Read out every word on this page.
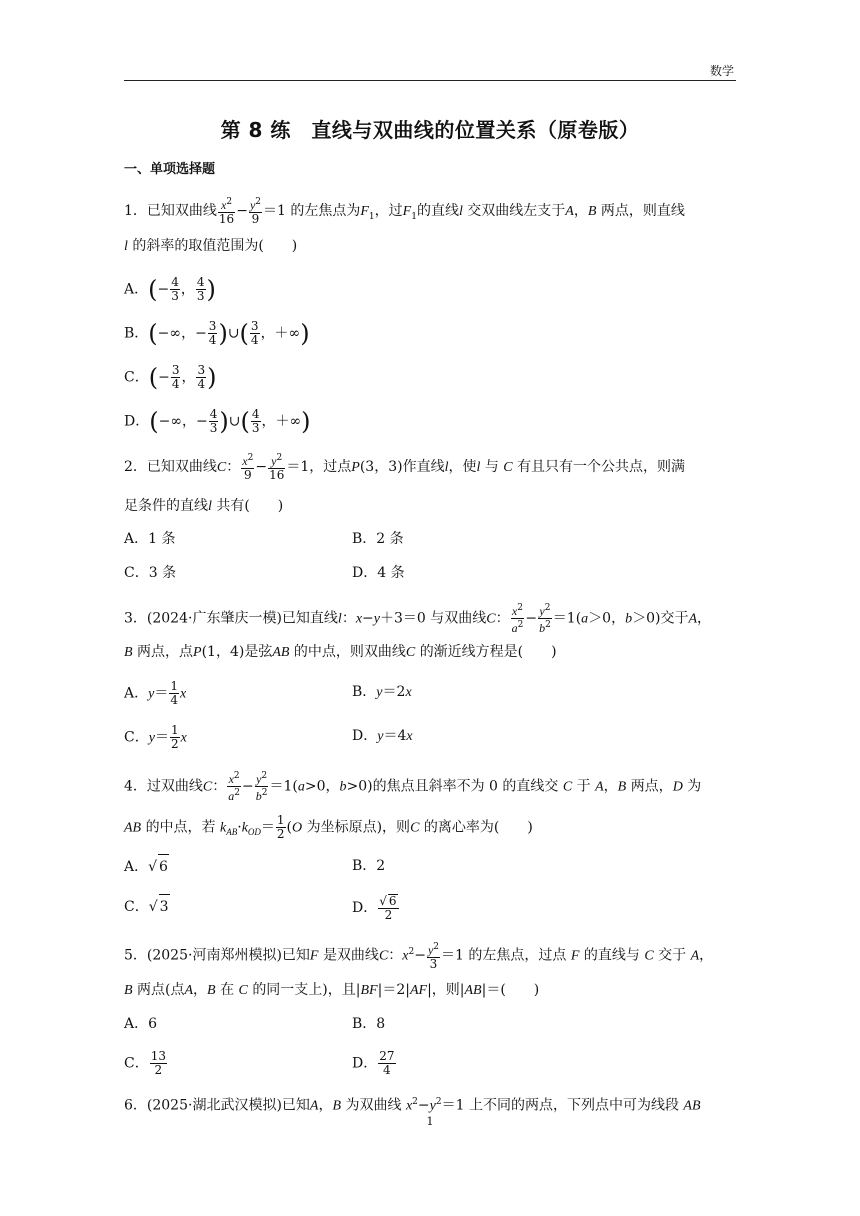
数学
第 8 练　直线与双曲线的位置关系（原卷版）
一、单项选择题
1．已知双曲线 $\frac{x^2}{16} - \frac{y^2}{9} =1$ 的左焦点为$F_1$，过$F_1$的直线l 交双曲线左支于A，B 两点，则直线
l 的斜率的取值范围为(　　)
A．(− $\frac{4}{3}$ ， $\frac{4}{3}$ )
B．(−∞，− $\frac{3}{4}$ )∪( $\frac{3}{4}$ ，＋∞)
C．(− $\frac{3}{4}$ ， $\frac{3}{4}$ )
D．(−∞，− $\frac{4}{3}$ )∪( $\frac{4}{3}$ ，＋∞)
2．已知双曲线C： $\frac{x^2}{9} - \frac{y^2}{16} =1$，过点P(3，3)作直线l，使l 与 C 有且只有一个公共点，则满
足条件的直线l 共有(　　)
A．1 条	B．2 条
C．3 条	D．4 条
3．(2024·广东肇庆一模)已知直线l：x−y＋3＝0 与双曲线C： $\frac{x^2}{a^2} - \frac{y^2}{b^2} =1(a>0$，b＞0)交于A，
B 两点，点P(1，4)是弦AB 的中点，则双曲线C 的渐近线方程是(　　)
A．$y= \frac{1}{4}$ x	B．y＝2x
C．$y= \frac{1}{2}$ x	D．y＝4x
4．过双曲线C： $\frac{x^2}{a^2} - \frac{y^2}{b^2} =1(a>0$，b>0)的焦点且斜率不为 0 的直线交 C 于 A，B 两点，D 为
AB 的中点，若 $k_{AB}\cdot k_{OD}= \frac{1}{2} (O$ 为坐标原点)，则C 的离心率为(　　)
A．√ 6	B．2
C．√ 3	D． $\frac{√ 6}{2}$
5．(2025·河南郑州模拟)已知F 是双曲线C：$x^2- \frac{y^2}{3} =1$ 的左焦点，过点 F 的直线与 C 交于 A，
B 两点(点A，B 在 C 的同一支上)，且|BF|＝2|AF|，则|AB|＝(　　)
A．6	B．8
C． $\frac{13}{2}$	D． $\frac{27}{4}$
6．(2025·湖北武汉模拟)已知A，B 为双曲线 $x^2-y^2=1$ 上不同的两点，下列点中可为线段 AB
1
